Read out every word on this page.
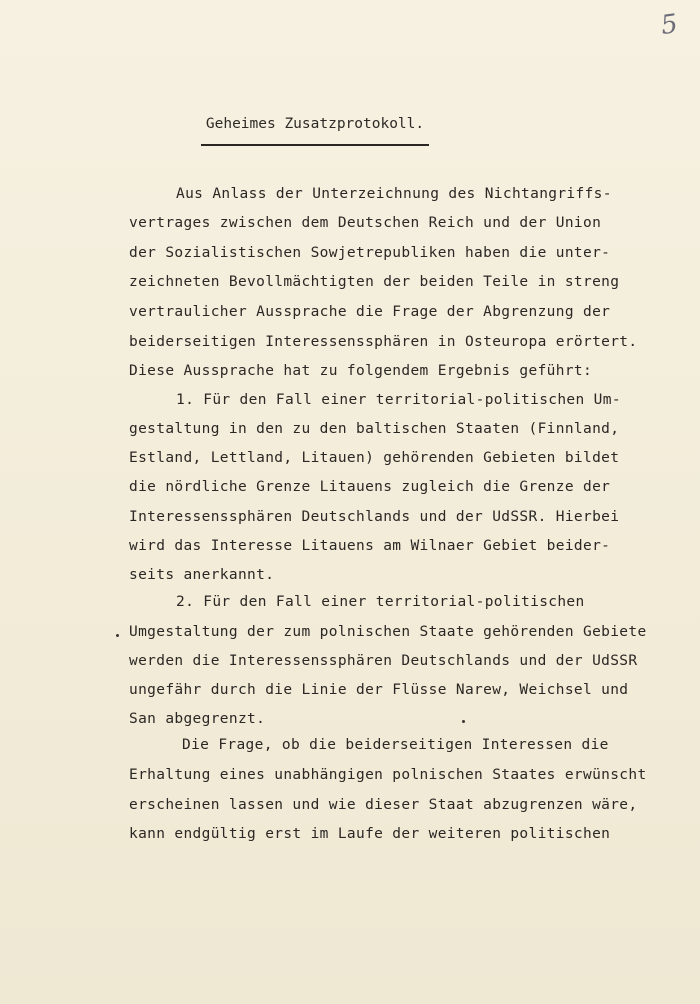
5
Geheimes Zusatzprotokoll.
Aus Anlass der Unterzeichnung des Nichtangriffs-
vertrages zwischen dem Deutschen Reich und der Union
der Sozialistischen Sowjetrepubliken haben die unter-
zeichneten Bevollmächtigten der beiden Teile in streng
vertraulicher Aussprache die Frage der Abgrenzung der
beiderseitigen Interessenssphären in Osteuropa erörtert.
Diese Aussprache hat zu folgendem Ergebnis geführt:
1. Für den Fall einer territorial-politischen Um-
gestaltung in den zu den baltischen Staaten (Finnland,
Estland, Lettland, Litauen) gehörenden Gebieten bildet
die nördliche Grenze Litauens zugleich die Grenze der
Interessenssphären Deutschlands und der UdSSR. Hierbei
wird das Interesse Litauens am Wilnaer Gebiet beider-
seits anerkannt.
2. Für den Fall einer territorial-politischen
Umgestaltung der zum polnischen Staate gehörenden Gebiete
werden die Interessenssphären Deutschlands und der UdSSR
ungefähr durch die Linie der Flüsse Narew, Weichsel und
San abgegrenzt.
Die Frage, ob die beiderseitigen Interessen die
Erhaltung eines unabhängigen polnischen Staates erwünscht
erscheinen lassen und wie dieser Staat abzugrenzen wäre,
kann endgültig erst im Laufe der weiteren politischen
